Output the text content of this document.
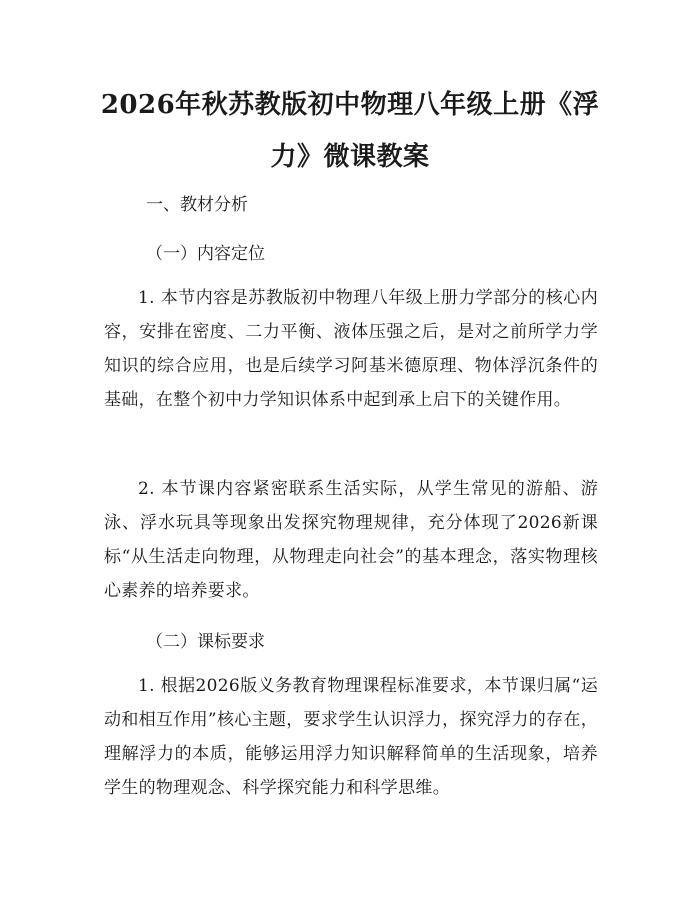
2026年秋苏教版初中物理八年级上册《浮
力》微课教案

一、教材分析

（一）内容定位

1. 本节内容是苏教版初中物理八年级上册力学部分的核心内容，安排在密度、二力平衡、液体压强之后，是对之前所学力学知识的综合应用，也是后续学习阿基米德原理、物体浮沉条件的基础，在整个初中力学知识体系中起到承上启下的关键作用。

2. 本节课内容紧密联系生活实际，从学生常见的游船、游泳、浮水玩具等现象出发探究物理规律，充分体现了2026新课标“从生活走向物理，从物理走向社会”的基本理念，落实物理核心素养的培养要求。

（二）课标要求

1. 根据2026版义务教育物理课程标准要求，本节课归属“运动和相互作用”核心主题，要求学生认识浮力，探究浮力的存在，理解浮力的本质，能够运用浮力知识解释简单的生活现象，培养学生的物理观念、科学探究能力和科学思维。
